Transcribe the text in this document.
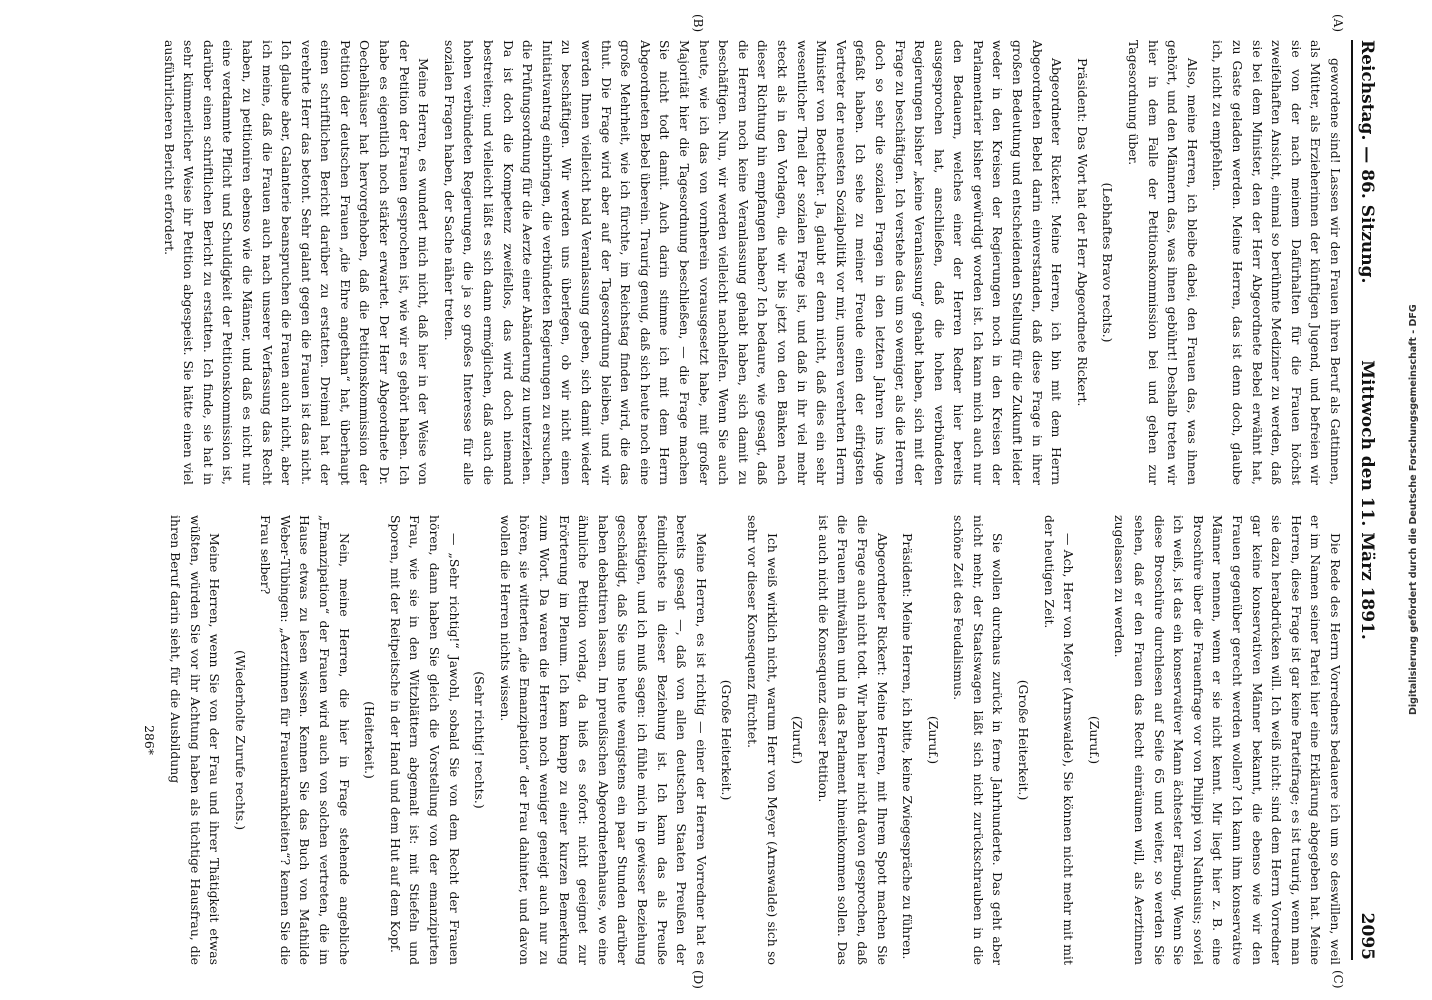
Reichstag. — 86. Sitzung.
Mittwoch den 11. März 1891.
2095

gewordene sind! Lassen wir den Frauen ihren Beruf als Gattinnen, als Mütter, als Erzieherinnen der künftigen Jugend, und befreien wir sie von der nach meinem Dafürhalten für die Frauen höchst zweifelhaften Ansicht, einmal so berühmte Mediziner zu werden, daß sie bei dem Minister, den der Herr Abgeordnete Bebel erwähnt hat, zu Gaste geladen werden. Meine Herren, das ist denn doch, glaube ich, nicht zu empfehlen.

Also, meine Herren, ich bleibe dabei, den Frauen das, was ihnen gehört, und den Männern das, was ihnen gebührt! Deshalb treten wir hier in dem Falle der Petitionskommission bei und gehen zur Tagesordnung über.

(Lebhaftes Bravo rechts.)

Präsident: Das Wort hat der Herr Abgeordnete Rickert.

Abgeordneter Rickert: Meine Herren, ich bin mit dem Herrn Abgeordneten Bebel darin einverstanden, daß diese Frage in ihrer großen Bedeutung und entscheidenden Stellung für die Zukunft leider weder in den Kreisen der Regierungen noch in den Kreisen der Parlamentarier bisher gewürdigt worden ist. Ich kann mich auch nur den Bedauern, welches einer der Herren Redner hier bereits ausgesprochen hat, anschließen, daß die hohen verbündeten Regierungen bisher „keine Veranlassung“ gehabt haben, sich mit der Frage zu beschäftigen. Ich verstehe das um so weniger, als die Herren doch so sehr die sozialen Fragen in den letzten Jahren ins Auge gefaßt haben. Ich sehe zu meiner Freude einen der eifrigsten Vertreter der neuesten Sozialpolitik vor mir, unseren verehrten Herrn Minister von Boetticher. Ja, glaubt er denn nicht, daß dies ein sehr wesentlicher Theil der sozialen Frage ist, und daß in ihr viel mehr steckt als in den Vorlagen, die wir bis jetzt von den Bänken nach dieser Richtung hin empfangen haben? Ich bedaure, wie gesagt, daß die Herren noch keine Veranlassung gehabt haben, sich damit zu beschäftigen. Nun, wir werden vielleicht nachhelfen. Wenn Sie auch heute, wie ich das von vornherein vorausgesetzt habe, mit großer Majorität hier die Tagesordnung beschließen, — die Frage machen Sie nicht todt damit. Auch darin stimme ich mit dem Herrn Abgeordneten Bebel überein. Traurig genug, daß sich heute noch eine große Mehrheit, wie ich fürchte, im Reichstag finden wird, die das thut. Die Frage wird aber auf der Tagesordnung bleiben, und wir werden Ihnen vielleicht bald Veranlassung geben, sich damit wieder zu beschäftigen. Wir werden uns überlegen, ob wir nicht einen Initiativantrag einbringen, die verbündeten Regierungen zu ersuchen, die Prüfungsordnung für die Aerzte einer Abänderung zu unterziehen. Da ist doch die Kompetenz zweifellos, das wird doch niemand bestreiten; und vielleicht läßt es sich dann ermöglichen, daß auch die hohen verbündeten Regierungen, die ja so großes Interesse für alle sozialen Fragen haben, der Sache näher treten.

Meine Herren, es wundert mich nicht, daß hier in der Weise von der Petition der Frauen gesprochen ist, wie wir es gehört haben. Ich habe es eigentlich noch stärker erwartet. Der Herr Abgeordnete Dr. Oechelhäuser hat hervorgehoben, daß die Petitionskommission der Petition der deutschen Frauen „die Ehre angethan“ hat, überhaupt einen schriftlichen Bericht darüber zu erstatten. Dreimal hat der verehrte Herr das betont. Sehr galant gegen die Frauen ist das nicht. Ich glaube aber, Galanterie beanspruchen die Frauen auch nicht, aber ich meine, daß die Frauen auch nach unserer Verfassung das Recht haben, zu petitioniren ebenso wie die Männer, und daß es nicht nur eine verdammte Pflicht und Schuldigkeit der Petitionskommission ist, darüber einen schriftlichen Bericht zu erstatten. Ich finde, sie hat in sehr kümmerlicher Weise ihr Petition abgespeist. Sie hätte einen viel ausführlicheren Bericht erfordert.

Die Rede des Herrn Vorredners bedauere ich um so deswillen, weil er im Namen seiner Partei hier eine Erklärung abgegeben hat. Meine Herren, diese Frage ist gar keine Parteifrage; es ist traurig, wenn man sie dazu herabdrücken will. Ich weiß nicht: sind dem Herrn Vorredner gar keine konservativen Männer bekannt, die ebenso wie wir den Frauen gegenüber gerecht werden wollen? Ich kann ihm konservative Männer nennen, wenn er sie nicht kennt. Mir liegt hier z. B. eine Broschüre über die Frauenfrage vor von Philippi von Nathusius; soviel ich weiß, ist das ein konservativer Mann ächtester Färbung. Wenn Sie diese Broschüre durchlesen auf Seite 65 und weiter, so werden Sie sehen, daß er den Frauen das Recht einräumen will, als Aerztinnen zugelassen zu werden.

(Zuruf.)

— Ach, Herr von Meyer (Arnswalde), Sie können nicht mehr mit mit der heutigen Zeit.

(Große Heiterkeit.)

Sie wollen durchaus zurück in ferne Jahrhunderte. Das geht aber nicht mehr, der Staatswagen läßt sich nicht zurückschrauben in die schöne Zeit des Feudalismus.

(Zuruf.)

Präsident: Meine Herren, ich bitte, keine Zwiegespräche zu führen.

Abgeordneter Rickert: Meine Herren, mit Ihrem Spott machen Sie die Frage auch nicht todt. Wir haben hier nicht davon gesprochen, daß die Frauen mitwählen und in das Parlament hineinkommen sollen. Das ist auch nicht die Konsequenz dieser Petition.

(Zuruf.)

Ich weiß wirklich nicht, warum Herr von Meyer (Arnswalde) sich so sehr vor dieser Konsequenz fürchtet.

(Große Heiterkeit.)

Meine Herren, es ist richtig — einer der Herren Vorredner hat es bereits gesagt —, daß von allen deutschen Staaten Preußen der feindlichste in dieser Beziehung ist. Ich kann das als Preuße bestätigen, und ich muß sagen: ich fühle mich in gewisser Beziehung geschädigt, daß Sie uns heute wenigstens ein paar Stunden darüber haben debattiren lassen. Im preußischen Abgeordnetenhause, wo eine ähnliche Petition vorlag, da hieß es sofort: nicht geeignet zur Erörterung im Plenum. Ich kam knapp zu einer kurzen Bemerkung zum Wort. Da waren die Herren noch weniger geneigt auch nur zu hören, sie witterten „die Emanzipation“ der Frau dahinter, und davon wollen die Herren nichts wissen.

(Sehr richtig! rechts.)

— „Sehr richtig!“ Jawohl, sobald Sie von dem Recht der Frauen hören, dann haben Sie gleich die Vorstellung von der emanzipirten Frau, wie sie in den Witzblättern abgemalt ist: mit Stiefeln und Sporen, mit der Reitpeitsche in der Hand und dem Hut auf dem Kopf.

(Heiterkeit.)

Nein, meine Herren, die hier in Frage stehende angebliche „Emanzipation“ der Frauen wird auch von solchen vertreten, die im Hause etwas zu lesen wissen. Kennen Sie das Buch von Mathilde Weber-Tübingen: „Aerztinnen für Frauenkrankheiten“? kennen Sie die Frau selber?

(Wiederholte Zurufe rechts.)

Meine Herren, wenn Sie von der Frau und ihrer Thätigkeit etwas wüßten, würden Sie vor ihr Achtung haben als tüchtige Hausfrau, die ihren Beruf darin sieht, für die Ausbildung

286*

(A)
(B)
(C)
(D)
Digitalisierung gefördert durch die Deutsche Forschungsgemeinschaft - DFG
